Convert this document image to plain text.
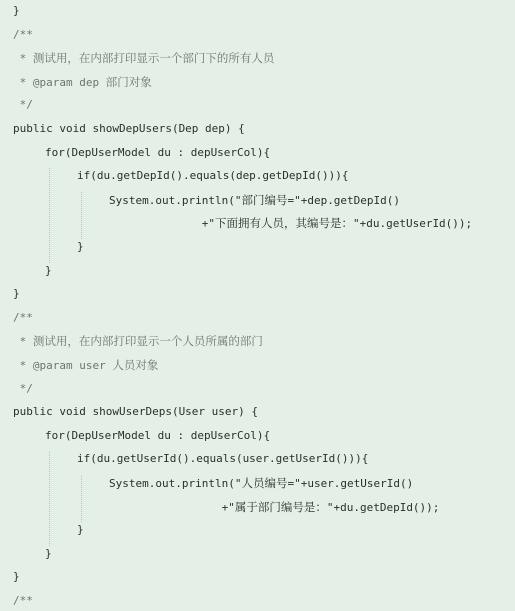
}
/**
* 测试用，在内部打印显示一个部门下的所有人员
* @param dep 部门对象
*/
public void showDepUsers(Dep dep) {
for(DepUserModel du : depUserCol){
if(du.getDepId().equals(dep.getDepId())){
System.out.println("部门编号="+dep.getDepId()
+"下面拥有人员，其编号是："+du.getUserId());
}
}
}
/**
* 测试用，在内部打印显示一个人员所属的部门
* @param user 人员对象
*/
public void showUserDeps(User user) {
for(DepUserModel du : depUserCol){
if(du.getUserId().equals(user.getUserId())){
System.out.println("人员编号="+user.getUserId()
+"属于部门编号是："+du.getDepId());
}
}
}
/**
